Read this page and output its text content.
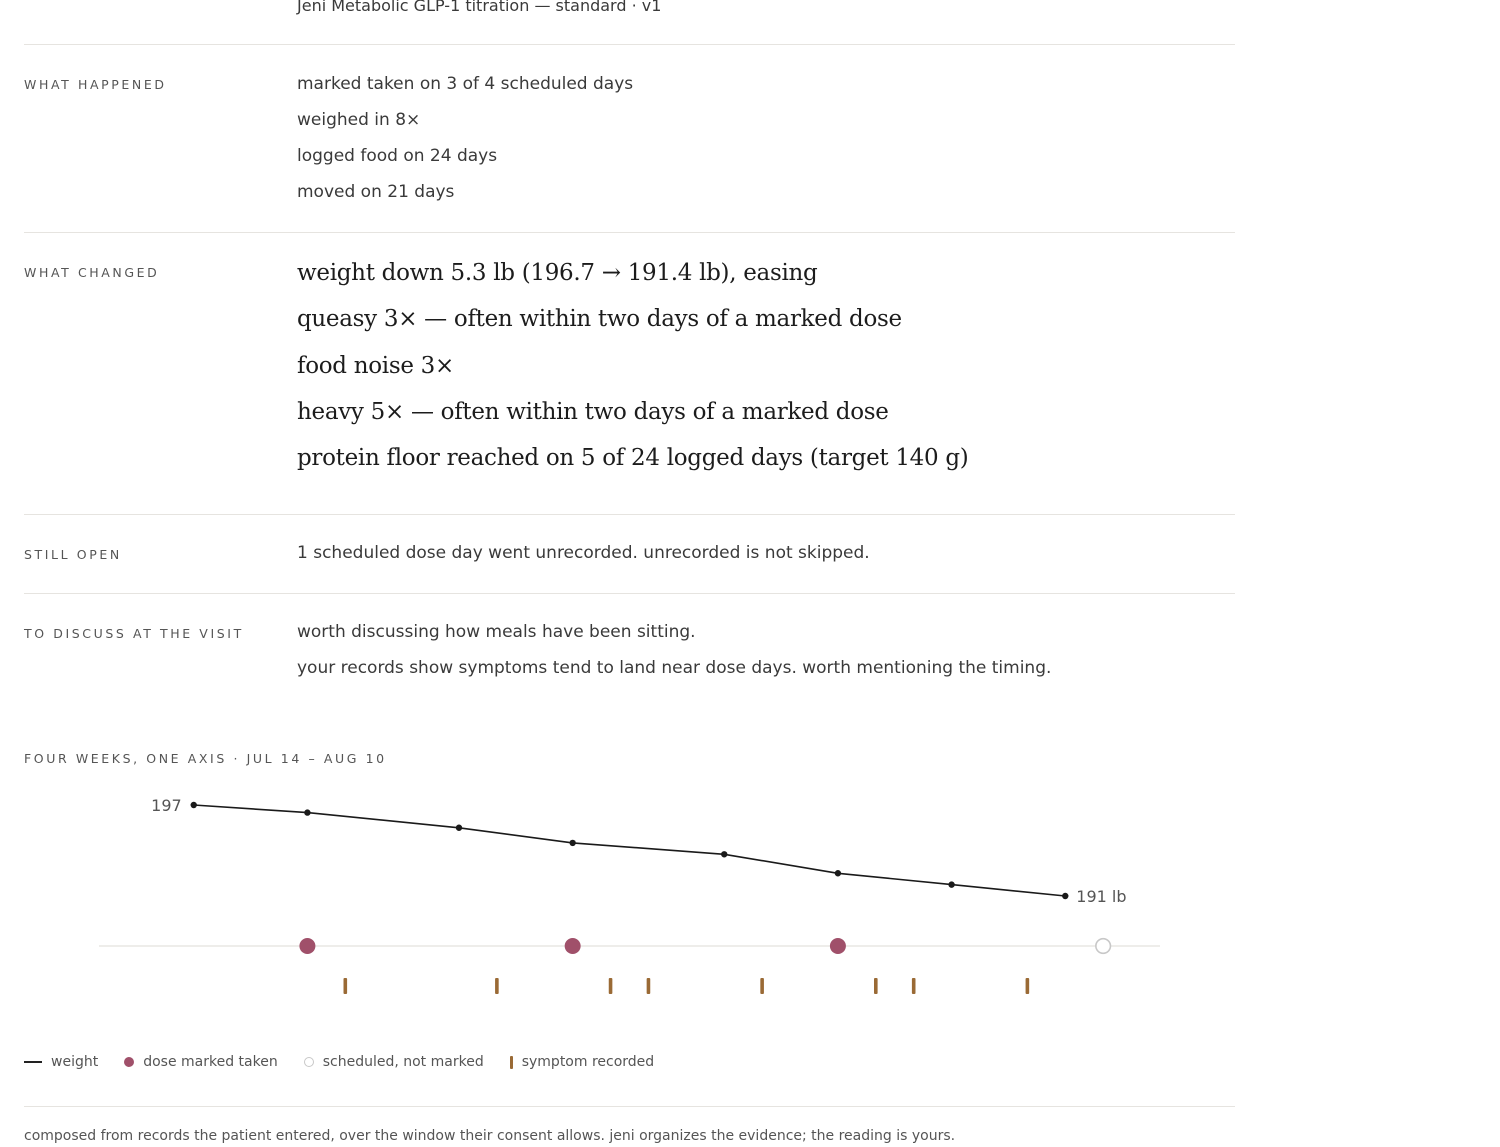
Jeni Metabolic GLP-1 titration — standard · v1
WHAT HAPPENED	marked taken on 3 of 4 scheduled days
weighed in 8×
logged food on 24 days
moved on 21 days
WHAT CHANGED	weight down 5.3 lb (196.7 → 191.4 lb), easing
queasy 3× — often within two days of a marked dose
food noise 3×
heavy 5× — often within two days of a marked dose
protein floor reached on 5 of 24 logged days (target 140 g)
STILL OPEN	1 scheduled dose day went unrecorded. unrecorded is not skipped.
TO DISCUSS AT THE VISIT	worth discussing how meals have been sitting.
your records show symptoms tend to land near dose days. worth mentioning the timing.
FOUR WEEKS, ONE AXIS · JUL 14 – AUG 10
197
191 lb
weight	dose marked taken	scheduled, not marked	symptom recorded
composed from records the patient entered, over the window their consent allows. jeni organizes the evidence; the reading is yours.
